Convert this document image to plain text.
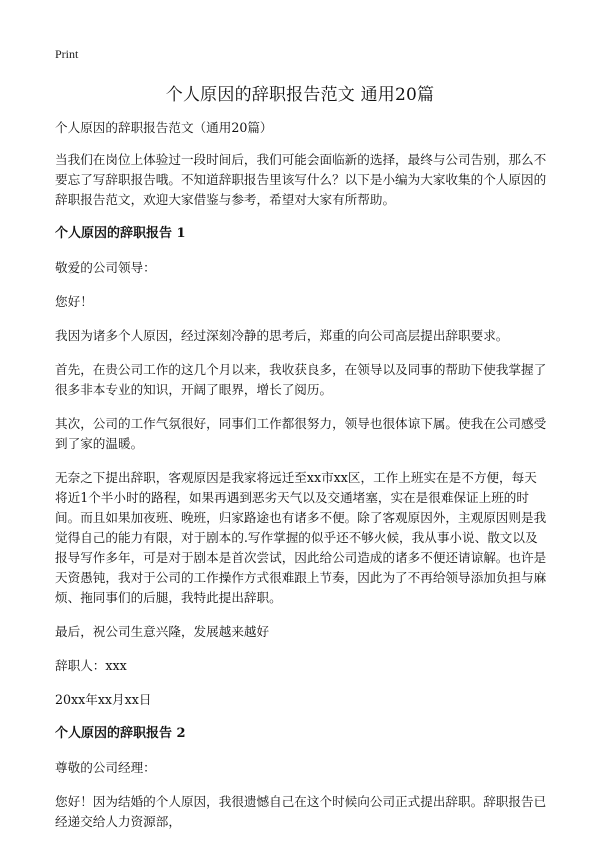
Print
个人原因的辞职报告范文 通用20篇

个人原因的辞职报告范文（通用20篇）

当我们在岗位上体验过一段时间后，我们可能会面临新的选择，最终与公司告别，那么不要忘了写辞职报告哦。不知道辞职报告里该写什么？以下是小编为大家收集的个人原因的辞职报告范文，欢迎大家借鉴与参考，希望对大家有所帮助。

个人原因的辞职报告 1

敬爱的公司领导：

您好！

我因为诸多个人原因，经过深刻冷静的思考后，郑重的向公司高层提出辞职要求。

首先，在贵公司工作的这几个月以来，我收获良多，在领导以及同事的帮助下使我掌握了很多非本专业的知识，开阔了眼界，增长了阅历。

其次，公司的工作气氛很好，同事们工作都很努力，领导也很体谅下属。使我在公司感受到了家的温暖。

无奈之下提出辞职，客观原因是我家将远迁至xx市xx区，工作上班实在是不方便，每天将近1个半小时的路程，如果再遇到恶劣天气以及交通堵塞，实在是很难保证上班的时间。而且如果加夜班、晚班，归家路途也有诸多不便。除了客观原因外，主观原因则是我觉得自己的能力有限，对于剧本的.写作掌握的似乎还不够火候，我从事小说、散文以及报导写作多年，可是对于剧本是首次尝试，因此给公司造成的诸多不便还请谅解。也许是天资愚钝，我对于公司的工作操作方式很难跟上节奏，因此为了不再给领导添加负担与麻烦、拖同事们的后腿，我特此提出辞职。

最后，祝公司生意兴隆，发展越来越好

辞职人：xxx

20xx年xx月xx日

个人原因的辞职报告 2

尊敬的公司经理：

您好！因为结婚的个人原因，我很遗憾自己在这个时候向公司正式提出辞职。辞职报告已经递交给人力资源部，
